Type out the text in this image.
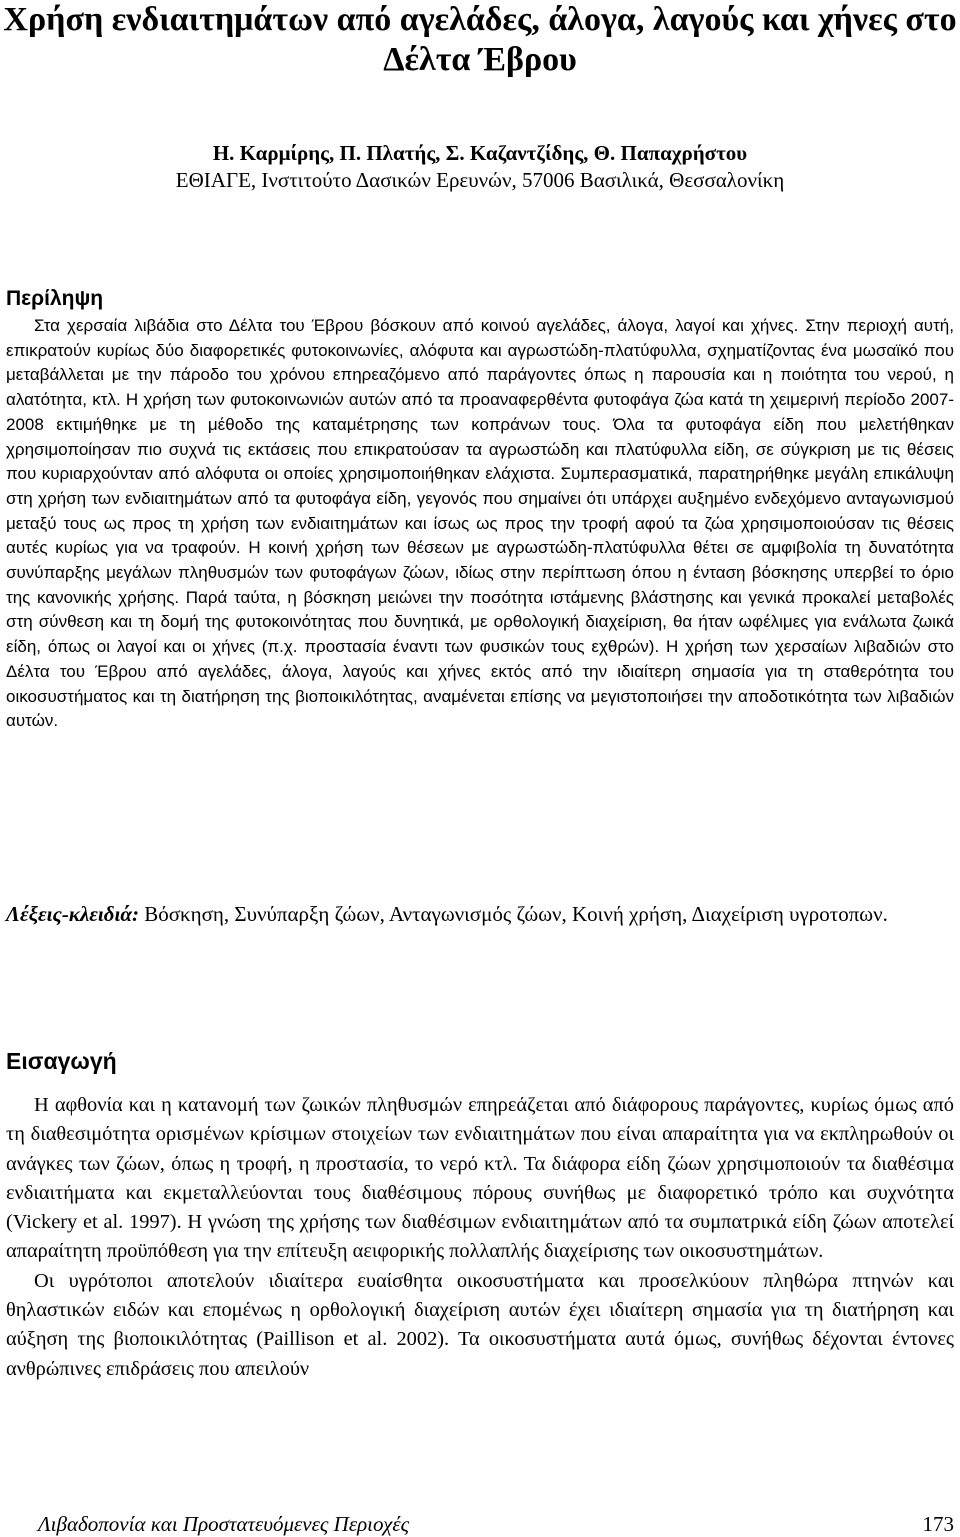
Χρήση ενδιαιτημάτων από αγελάδες, άλογα, λαγούς και χήνες στο Δέλτα Έβρου
Η. Καρμίρης, Π. Πλατής, Σ. Καζαντζίδης, Θ. Παπαχρήστου
ΕΘΙΑΓΕ, Ινστιτούτο Δασικών Ερευνών, 57006 Βασιλικά, Θεσσαλονίκη
Περίληψη

Στα χερσαία λιβάδια στο Δέλτα του Έβρου βόσκουν από κοινού αγελάδες, άλογα, λαγοί και χήνες. Στην περιοχή αυτή, επικρατούν κυρίως δύο διαφορετικές φυτοκοινωνίες, αλόφυτα και αγρωστώδη-πλατύφυλλα, σχηματίζοντας ένα μωσαϊκό που μεταβάλλεται με την πάροδο του χρόνου επηρεαζόμενο από παράγοντες όπως η παρουσία και η ποιότητα του νερού, η αλατότητα, κτλ. Η χρήση των φυτοκοινωνιών αυτών από τα προαναφερθέντα φυτοφάγα ζώα κατά τη χειμερινή περίοδο 2007-2008 εκτιμήθηκε με τη μέθοδο της καταμέτρησης των κοπράνων τους. Όλα τα φυτοφάγα είδη που μελετήθηκαν χρησιμοποίησαν πιο συχνά τις εκτάσεις που επικρατούσαν τα αγρωστώδη και πλατύφυλλα είδη, σε σύγκριση με τις θέσεις που κυριαρχούνταν από αλόφυτα οι οποίες χρησιμοποιήθηκαν ελάχιστα. Συμπερασματικά, παρατηρήθηκε μεγάλη επικάλυψη στη χρήση των ενδιαιτημάτων από τα φυτοφάγα είδη, γεγονός που σημαίνει ότι υπάρχει αυξημένο ενδεχόμενο ανταγωνισμού μεταξύ τους ως προς τη χρήση των ενδιαιτημάτων και ίσως ως προς την τροφή αφού τα ζώα χρησιμοποιούσαν τις θέσεις αυτές κυρίως για να τραφούν. Η κοινή χρήση των θέσεων με αγρωστώδη-πλατύφυλλα θέτει σε αμφιβολία τη δυνατότητα συνύπαρξης μεγάλων πληθυσμών των φυτοφάγων ζώων, ιδίως στην περίπτωση όπου η ένταση βόσκησης υπερβεί το όριο της κανονικής χρήσης. Παρά ταύτα, η βόσκηση μειώνει την ποσότητα ιστάμενης βλάστησης και γενικά προκαλεί μεταβολές στη σύνθεση και τη δομή της φυτοκοινότητας που δυνητικά, με ορθολογική διαχείριση, θα ήταν ωφέλιμες για ενάλωτα ζωικά είδη, όπως οι λαγοί και οι χήνες (π.χ. προστασία έναντι των φυσικών τους εχθρών). Η χρήση των χερσαίων λιβαδιών στο Δέλτα του Έβρου από αγελάδες, άλογα, λαγούς και χήνες εκτός από την ιδιαίτερη σημασία για τη σταθερότητα του οικοσυστήματος και τη διατήρηση της βιοποικιλότητας, αναμένεται επίσης να μεγιστοποιήσει την αποδοτικότητα των λιβαδιών αυτών.

Λέξεις-κλειδιά: Βόσκηση, Συνύπαρξη ζώων, Ανταγωνισμός ζώων, Κοινή χρήση, Διαχείριση υγροτοπων.

Εισαγωγή

Η αφθονία και η κατανομή των ζωικών πληθυσμών επηρεάζεται από διάφορους παράγοντες, κυρίως όμως από τη διαθεσιμότητα ορισμένων κρίσιμων στοιχείων των ενδιαιτημάτων που είναι απαραίτητα για να εκπληρωθούν οι ανάγκες των ζώων, όπως η τροφή, η προστασία, το νερό κτλ. Τα διάφορα είδη ζώων χρησιμοποιούν τα διαθέσιμα ενδιαιτήματα και εκμεταλλεύονται τους διαθέσιμους πόρους συνήθως με διαφορετικό τρόπο και συχνότητα (Vickery et al. 1997). Η γνώση της χρήσης των διαθέσιμων ενδιαιτημάτων από τα συμπατρικά είδη ζώων αποτελεί απαραίτητη προϋπόθεση για την επίτευξη αειφορικής πολλαπλής διαχείρισης των οικοσυστημάτων.

Οι υγρότοποι αποτελούν ιδιαίτερα ευαίσθητα οικοσυστήματα και προσελκύουν πληθώρα πτηνών και θηλαστικών ειδών και επομένως η ορθολογική διαχείριση αυτών έχει ιδιαίτερη σημασία για τη διατήρηση και αύξηση της βιοποικιλότητας (Paillison et al. 2002). Τα οικοσυστήματα αυτά όμως, συνήθως δέχονται έντονες ανθρώπινες επιδράσεις που απειλούν

Λιβαδοπονία και Προστατευόμενες Περιοχές	173
